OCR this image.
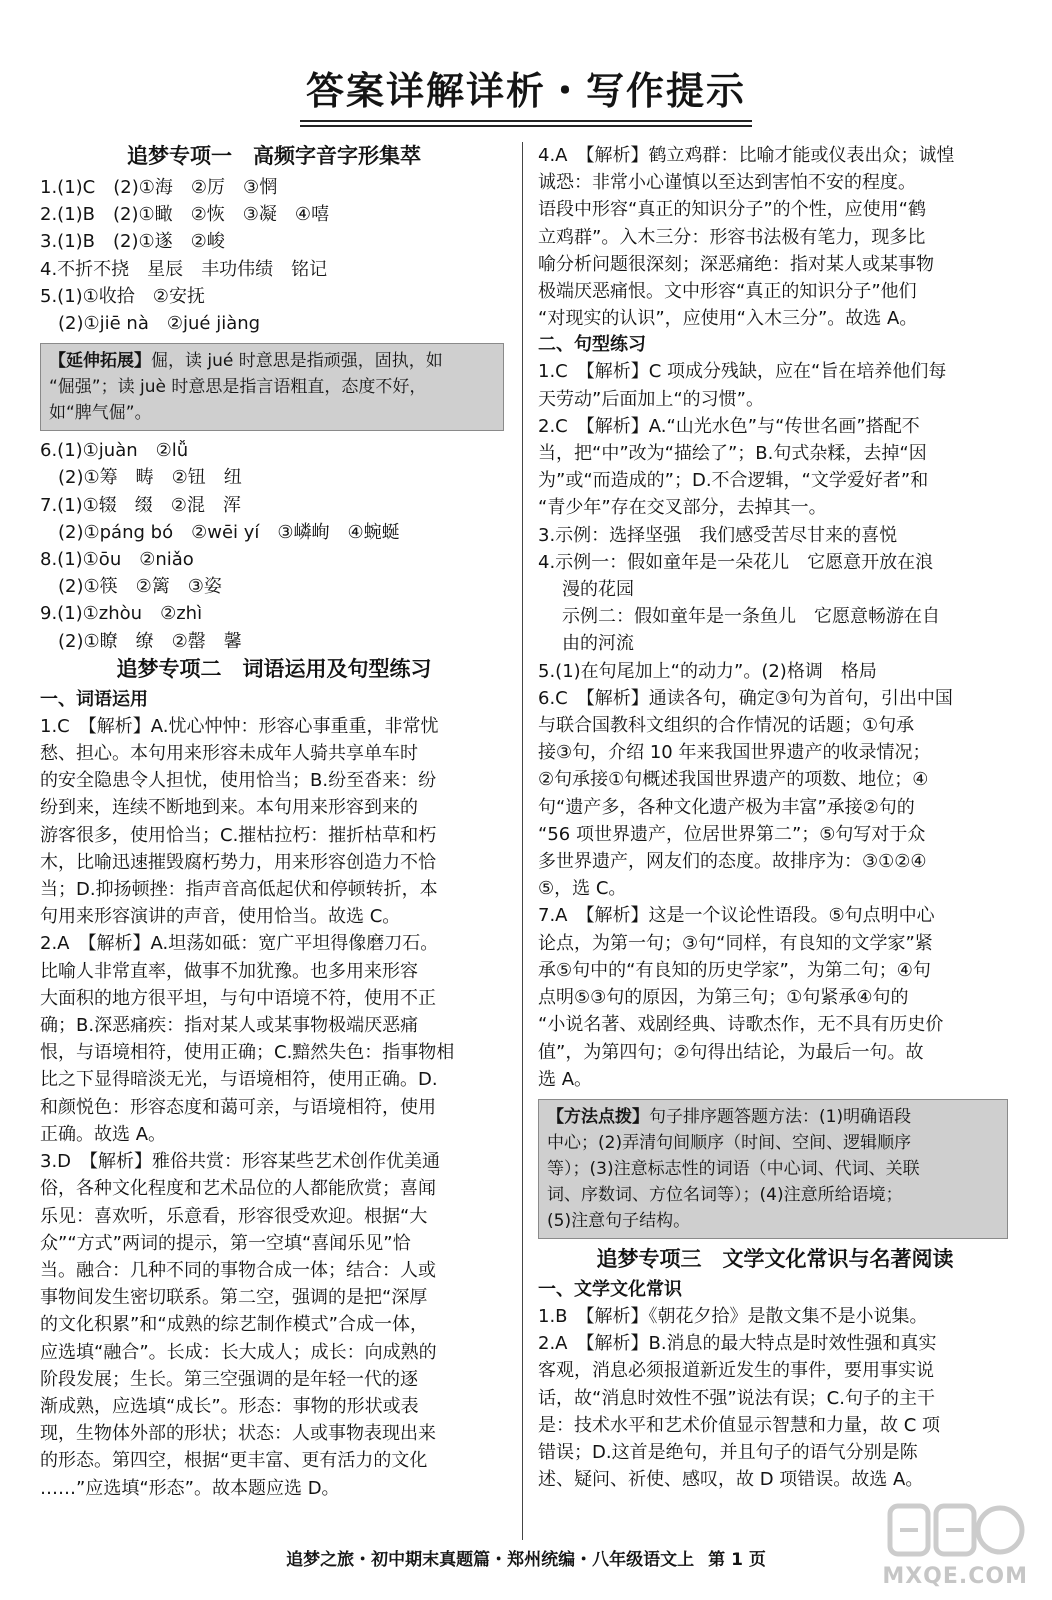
答案详解详析・写作提示
追梦专项一　高频字音字形集萃

1.(1)C　(2)①海　②厉　③惘

2.(1)B　(2)①瞰　②恢　③凝　④嘻

3.(1)B　(2)①遂　②峻

4.不折不挠　星辰　丰功伟绩　铭记

5.(1)①收拾　②安抚

　(2)①jiē nà　②jué jiàng

【延伸拓展】倔，读 jué 时意思是指顽强，固执，如

“倔强”；读 juè 时意思是指言语粗直，态度不好，

如“脾气倔”。

6.(1)①juàn　②lǚ

　(2)①筹　畴　②钮　纽

7.(1)①辍　缀　②混　浑

　(2)①páng bó　②wēi yí　③嶙峋　④蜿蜒

8.(1)①ōu　②niǎo

　(2)①筷　②篱　③姿

9.(1)①zhòu　②zhì

　(2)①瞭　缭　②罄　馨

追梦专项二　词语运用及句型练习

一、词语运用

1.C　【解析】A.忧心忡忡：形容心事重重，非常忧

愁、担心。本句用来形容未成年人骑共享单车时

的安全隐患令人担忧，使用恰当；B.纷至沓来：纷

纷到来，连续不断地到来。本句用来形容到来的

游客很多，使用恰当；C.摧枯拉朽：摧折枯草和朽

木，比喻迅速摧毁腐朽势力，用来形容创造力不恰

当；D.抑扬顿挫：指声音高低起伏和停顿转折，本

句用来形容演讲的声音，使用恰当。故选 C。

2.A　【解析】A.坦荡如砥：宽广平坦得像磨刀石。

比喻人非常直率，做事不加犹豫。也多用来形容

大面积的地方很平坦，与句中语境不符，使用不正

确；B.深恶痛疾：指对某人或某事物极端厌恶痛

恨，与语境相符，使用正确；C.黯然失色：指事物相

比之下显得暗淡无光，与语境相符，使用正确。D.

和颜悦色：形容态度和蔼可亲，与语境相符，使用

正确。故选 A。

3.D　【解析】雅俗共赏：形容某些艺术创作优美通

俗，各种文化程度和艺术品位的人都能欣赏；喜闻

乐见：喜欢听，乐意看，形容很受欢迎。根据“大

众”“方式”两词的提示，第一空填“喜闻乐见”恰

当。融合：几种不同的事物合成一体；结合：人或

事物间发生密切联系。第二空，强调的是把“深厚

的文化积累”和“成熟的综艺制作模式”合成一体，

应选填“融合”。长成：长大成人；成长：向成熟的

阶段发展；生长。第三空强调的是年轻一代的逐

渐成熟，应选填“成长”。形态：事物的形状或表

现，生物体外部的形状；状态：人或事物表现出来

的形态。第四空，根据“更丰富、更有活力的文化

……”应选填“形态”。故本题应选 D。

4.A　【解析】鹤立鸡群：比喻才能或仪表出众；诚惶

诚恐：非常小心谨慎以至达到害怕不安的程度。

语段中形容“真正的知识分子”的个性，应使用“鹤

立鸡群”。入木三分：形容书法极有笔力，现多比

喻分析问题很深刻；深恶痛绝：指对某人或某事物

极端厌恶痛恨。文中形容“真正的知识分子”他们

“对现实的认识”，应使用“入木三分”。故选 A。

二、句型练习

1.C　【解析】C 项成分残缺，应在“旨在培养他们每

天劳动”后面加上“的习惯”。

2.C　【解析】A.“山光水色”与“传世名画”搭配不

当，把“中”改为“描绘了”；B.句式杂糅，去掉“因

为”或“而造成的”；D.不合逻辑，“文学爱好者”和

“青少年”存在交叉部分，去掉其一。

3.示例：选择坚强　我们感受苦尽甘来的喜悦

4.示例一：假如童年是一朵花儿　它愿意开放在浪

漫的花园

示例二：假如童年是一条鱼儿　它愿意畅游在自

由的河流

5.(1)在句尾加上“的动力”。(2)格调　格局

6.C　【解析】通读各句，确定③句为首句，引出中国

与联合国教科文组织的合作情况的话题；①句承

接③句，介绍 10 年来我国世界遗产的收录情况；

②句承接①句概述我国世界遗产的项数、地位；④

句“遗产多，各种文化遗产极为丰富”承接②句的

“56 项世界遗产，位居世界第二”；⑤句写对于众

多世界遗产，网友们的态度。故排序为：③①②④

⑤，选 C。

7.A　【解析】这是一个议论性语段。⑤句点明中心

论点，为第一句；③句“同样，有良知的文学家”紧

承⑤句中的“有良知的历史学家”，为第二句；④句

点明⑤③句的原因，为第三句；①句紧承④句的

“小说名著、戏剧经典、诗歌杰作，无不具有历史价

值”，为第四句；②句得出结论，为最后一句。故

选 A。

【方法点拨】句子排序题答题方法：(1)明确语段

中心；(2)弄清句间顺序（时间、空间、逻辑顺序

等）；(3)注意标志性的词语（中心词、代词、关联

词、序数词、方位名词等）；(4)注意所给语境；

(5)注意句子结构。

追梦专项三　文学文化常识与名著阅读

一、文学文化常识

1.B　【解析】《朝花夕拾》是散文集不是小说集。

2.A　【解析】B.消息的最大特点是时效性强和真实

客观，消息必须报道新近发生的事件，要用事实说

话，故“消息时效性不强”说法有误；C.句子的主干

是：技术水平和艺术价值显示智慧和力量，故 C 项

错误；D.这首是绝句，并且句子的语气分别是陈

述、疑问、祈使、感叹，故 D 项错误。故选 A。

追梦之旅・初中期末真题篇・郑州统编・八年级语文上 第 1 页
MXQE.COM
